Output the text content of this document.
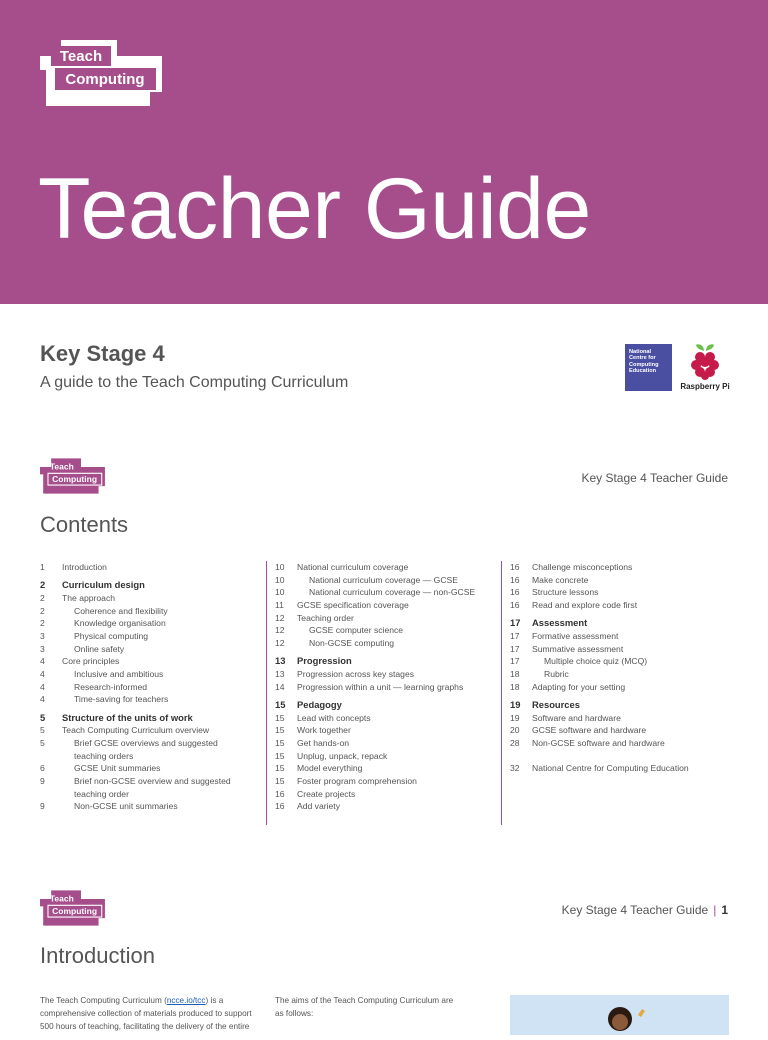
Teach
Computing
Teacher Guide
Key Stage 4
A guide to the Teach Computing Curriculum
National
Centre for
Computing
Education
Raspberry Pi
Teach
Computing	Key Stage 4 Teacher Guide
Contents
1	Introduction
2	Curriculum design
2	The approach
2	Coherence and flexibility
2	Knowledge organisation
3	Physical computing
3	Online safety
4	Core principles
4	Inclusive and ambitious
4	Research-informed
4	Time-saving for teachers
5	Structure of the units of work
5	Teach Computing Curriculum overview
5	Brief GCSE overviews and suggested
teaching orders
6	GCSE Unit summaries
9	Brief non-GCSE overview and suggested
teaching order
9	Non-GCSE unit summaries
10	National curriculum coverage
10	National curriculum coverage — GCSE
10	National curriculum coverage — non-GCSE
11	GCSE specification coverage
12	Teaching order
12	GCSE computer science
12	Non-GCSE computing
13	Progression
13	Progression across key stages
14	Progression within a unit — learning graphs
15	Pedagogy
15	Lead with concepts
15	Work together
15	Get hands-on
15	Unplug, unpack, repack
15	Model everything
15	Foster program comprehension
16	Create projects
16	Add variety
16	Challenge misconceptions
16	Make concrete
16	Structure lessons
16	Read and explore code first
17	Assessment
17	Formative assessment
17	Summative assessment
17	Multiple choice quiz (MCQ)
18	Rubric
18	Adapting for your setting
19	Resources
19	Software and hardware
20	GCSE software and hardware
28	Non-GCSE software and hardware
32	National Centre for Computing Education
Teach
Computing	Key Stage 4 Teacher Guide | 1
Introduction
The Teach Computing Curriculum (ncce.io/tcc) is a
comprehensive collection of materials produced to support
500 hours of teaching, facilitating the delivery of the entire
The aims of the Teach Computing Curriculum are
as follows:
